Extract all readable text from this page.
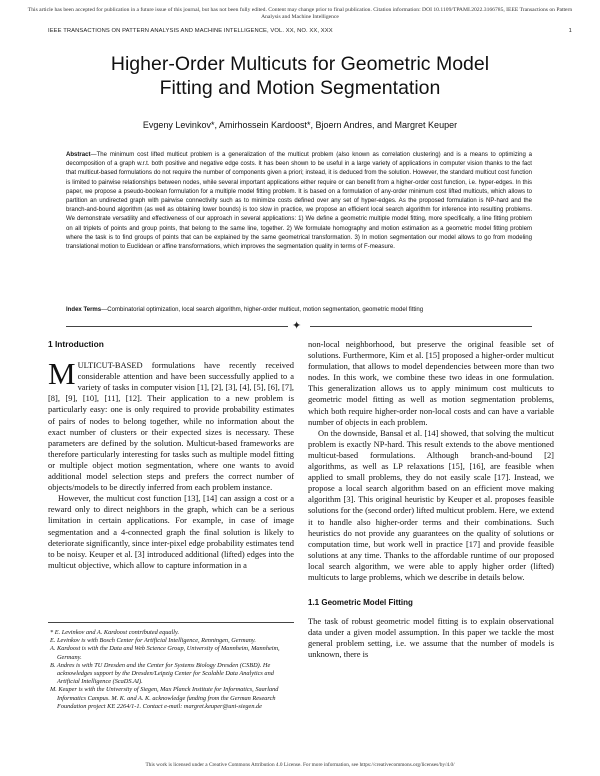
This article has been accepted for publication in a future issue of this journal, but has not been fully edited. Content may change prior to final publication. Citation information: DOI 10.1109/TPAMI.2022.3166785, IEEE Transactions on Pattern Analysis and Machine Intelligence
IEEE TRANSACTIONS ON PATTERN ANALYSIS AND MACHINE INTELLIGENCE, VOL. XX, NO. XX, XXX	1
Higher-Order Multicuts for Geometric Model
Fitting and Motion Segmentation
Evgeny Levinkov*, Amirhossein Kardoost*, Bjoern Andres, and Margret Keuper
Abstract—The minimum cost lifted multicut problem is a generalization of the multicut problem (also known as correlation clustering) and is a means to optimizing a decomposition of a graph w.r.t. both positive and negative edge costs. It has been shown to be useful in a large variety of applications in computer vision thanks to the fact that multicut-based formulations do not require the number of components given a priori; instead, it is deduced from the solution. However, the standard multicut cost function is limited to pairwise relationships between nodes, while several important applications either require or can benefit from a higher-order cost function, i.e. hyper-edges. In this paper, we propose a pseudo-boolean formulation for a multiple model fitting problem. It is based on a formulation of any-order minimum cost lifted multicuts, which allows to partition an undirected graph with pairwise connectivity such as to minimize costs defined over any set of hyper-edges. As the proposed formulation is NP-hard and the branch-and-bound algorithm (as well as obtaining lower bounds) is too slow in practice, we propose an efficient local search algorithm for inference into resulting problems. We demonstrate versatility and effectiveness of our approach in several applications: 1) We define a geometric multiple model fitting, more specifically, a line fitting problem on all triplets of points and group points, that belong to the same line, together. 2) We formulate homography and motion estimation as a geometric model fitting problem where the task is to find groups of points that can be explained by the same geometrical transformation. 3) In motion segmentation our model allows to go from modeling translational motion to Euclidean or affine transformations, which improves the segmentation quality in terms of F-measure.
Index Terms—Combinatorial optimization, local search algorithm, higher-order multicut, motion segmentation, geometric model fitting
✦
1 Introduction

MULTICUT-BASED formulations have recently received considerable attention and have been successfully applied to a variety of tasks in computer vision [1], [2], [3], [4], [5], [6], [7], [8], [9], [10], [11], [12]. Their application to a new problem is particularly easy: one is only required to provide probability estimates of pairs of nodes to belong together, while no information about the exact number of clusters or their expected sizes is necessary. These parameters are defined by the solution. Multicut-based frameworks are therefore particularly interesting for tasks such as multiple model fitting or multiple object motion segmentation, where one wants to avoid additional model selection steps and prefers the correct number of objects/models to be directly inferred from each problem instance.

However, the multicut cost function [13], [14] can assign a cost or a reward only to direct neighbors in the graph, which can be a serious limitation in certain applications. For example, in case of image segmentation and a 4-connected graph the final solution is likely to deteriorate significantly, since inter-pixel edge probability estimates tend to be noisy. Keuper et al. [3] introduced additional (lifted) edges into the multicut objective, which allow to capture information in a

* E. Levinkov and A. Kardoost contributed equally.
E. Levinkov is with Bosch Center for Artificial Intelligence, Renningen, Germany.
A. Kardoost is with the Data and Web Science Group, University of Mannheim, Mannheim, Germany.
B. Andres is with TU Dresden and the Center for Systems Biology Dresden (CSBD). He acknowledges support by the Dresden/Leipzig Center for Scalable Data Analytics and Artificial Intelligence (ScaDS.AI).
M. Keuper is with the University of Siegen, Max Planck Institute for Informatics, Saarland Informatics Campus. M. K. and A. K. acknowledge funding from the German Research Foundation project KE 2264/1-1. Contact e-mail: margret.keuper@uni-siegen.de

non-local neighborhood, but preserve the original feasible set of solutions. Furthermore, Kim et al. [15] proposed a higher-order multicut formulation, that allows to model dependencies between more than two nodes. In this work, we combine these two ideas in one formulation. This generalization allows us to apply minimum cost multicuts to geometric model fitting as well as motion segmentation problems, which both require higher-order non-local costs and can have a variable number of objects in each problem.

On the downside, Bansal et al. [14] showed, that solving the multicut problem is exactly NP-hard. This result extends to the above mentioned multicut-based formulations. Although branch-and-bound [2] algorithms, as well as LP relaxations [15], [16], are feasible when applied to small problems, they do not easily scale [17]. Instead, we propose a local search algorithm based on an efficient move making algorithm [3]. This original heuristic by Keuper et al. proposes feasible solutions for the (second order) lifted multicut problem. Here, we extend it to handle also higher-order terms and their combinations. Such heuristics do not provide any guarantees on the quality of solutions or computation time, but work well in practice [17] and provide feasible solutions at any time. Thanks to the affordable runtime of our proposed local search algorithm, we were able to apply higher order (lifted) multicuts to large problems, which we describe in details below.

1.1 Geometric Model Fitting

The task of robust geometric model fitting is to explain observational data under a given model assumption. In this paper we tackle the most general problem setting, i.e. we assume that the number of models is unknown, there is

This work is licensed under a Creative Commons Attribution 4.0 License. For more information, see https://creativecommons.org/licenses/by/4.0/
